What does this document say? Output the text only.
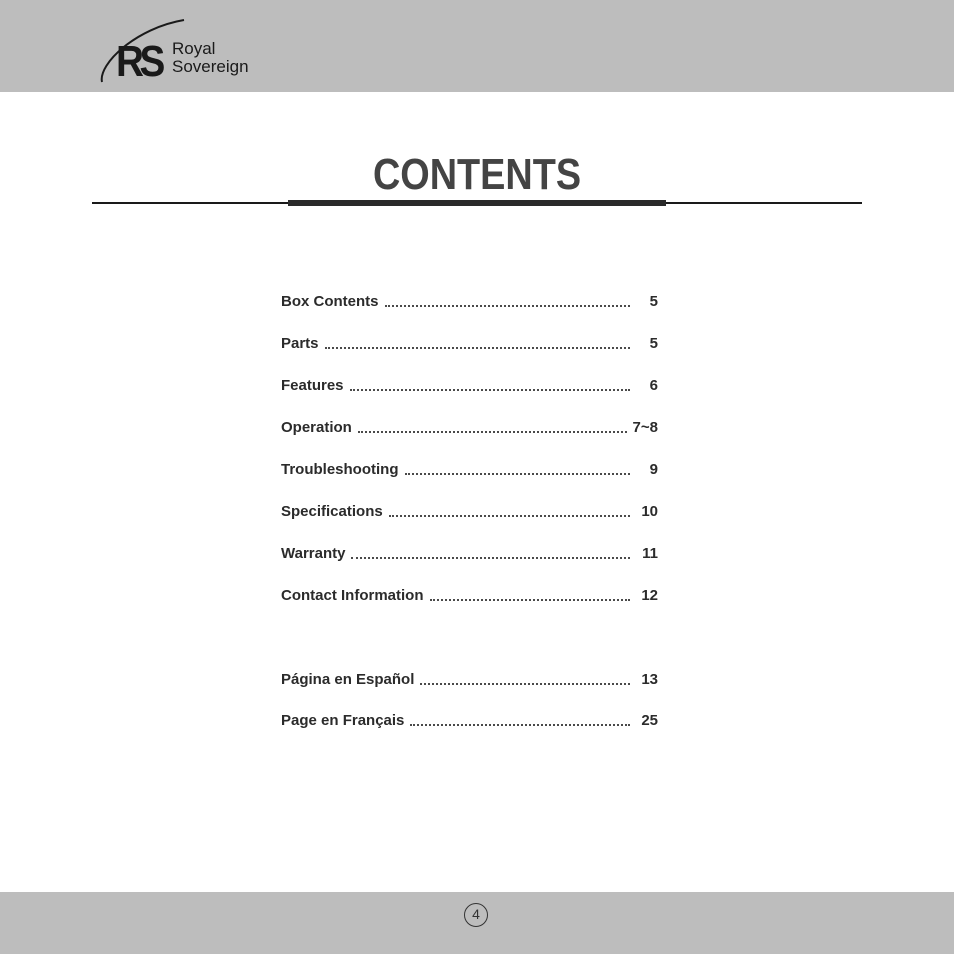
RS Royal
Sovereign
CONTENTS
Box Contents	5
Parts	5
Features	6
Operation	7~8
Troubleshooting	9
Specifications	10
Warranty	11
Contact Information	12
Página en Español	13
Page en Français	25
4
